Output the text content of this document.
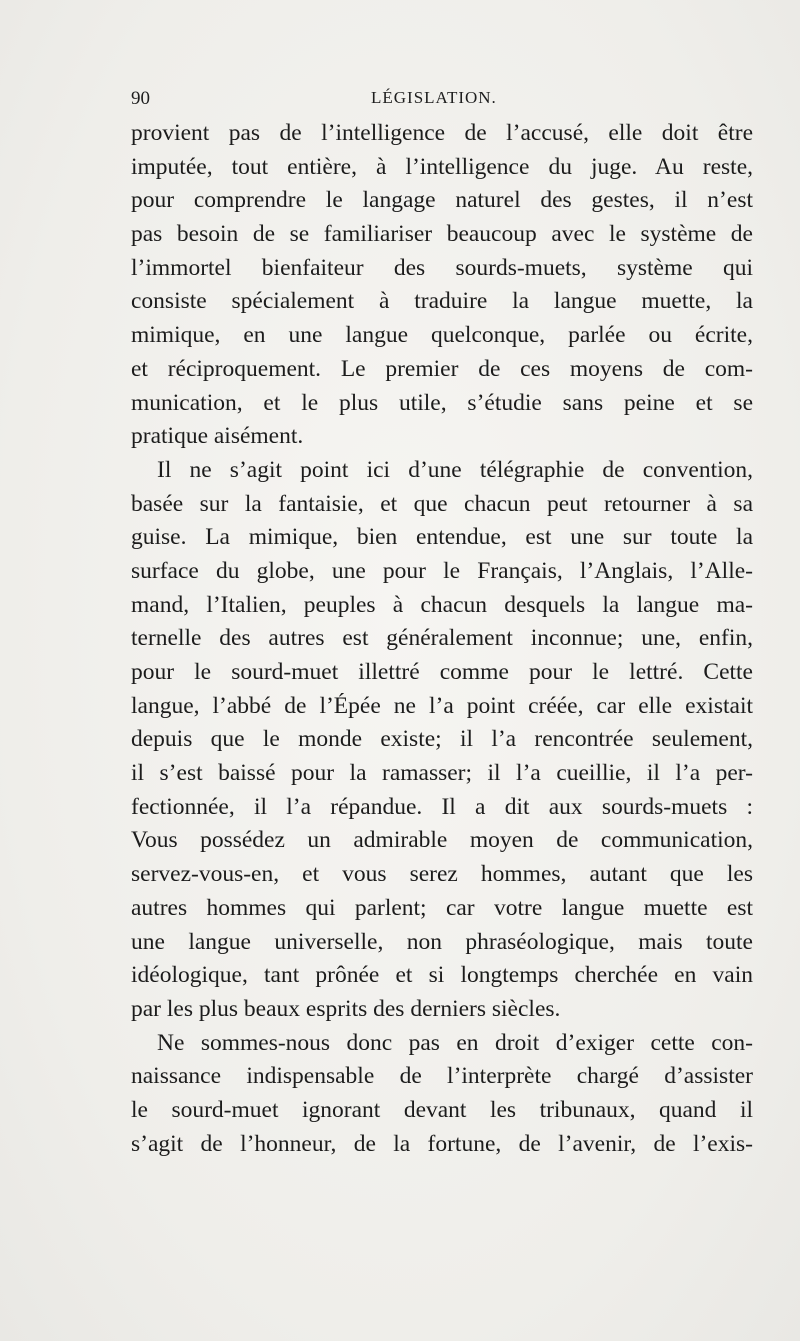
90	LÉGISLATION.
provient pas de l’intelligence de l’accusé, elle doit être
imputée, tout entière, à l’intelligence du juge. Au reste,
pour comprendre le langage naturel des gestes, il n’est
pas besoin de se familiariser beaucoup avec le système de
l’immortel bienfaiteur des sourds-muets, système qui
consiste spécialement à traduire la langue muette, la
mimique, en une langue quelconque, parlée ou écrite,
et réciproquement. Le premier de ces moyens de com-
munication, et le plus utile, s’étudie sans peine et se
pratique aisément.
Il ne s’agit point ici d’une télégraphie de convention,
basée sur la fantaisie, et que chacun peut retourner à sa
guise. La mimique, bien entendue, est une sur toute la
surface du globe, une pour le Français, l’Anglais, l’Alle-
mand, l’Italien, peuples à chacun desquels la langue ma-
ternelle des autres est généralement inconnue; une, enfin,
pour le sourd-muet illettré comme pour le lettré. Cette
langue, l’abbé de l’Épée ne l’a point créée, car elle existait
depuis que le monde existe; il l’a rencontrée seulement,
il s’est baissé pour la ramasser; il l’a cueillie, il l’a per-
fectionnée, il l’a répandue. Il a dit aux sourds-muets :
Vous possédez un admirable moyen de communication,
servez-vous-en, et vous serez hommes, autant que les
autres hommes qui parlent; car votre langue muette est
une langue universelle, non phraséologique, mais toute
idéologique, tant prônée et si longtemps cherchée en vain
par les plus beaux esprits des derniers siècles.
Ne sommes-nous donc pas en droit d’exiger cette con-
naissance indispensable de l’interprète chargé d’assister
le sourd-muet ignorant devant les tribunaux, quand il
s’agit de l’honneur, de la fortune, de l’avenir, de l’exis-
